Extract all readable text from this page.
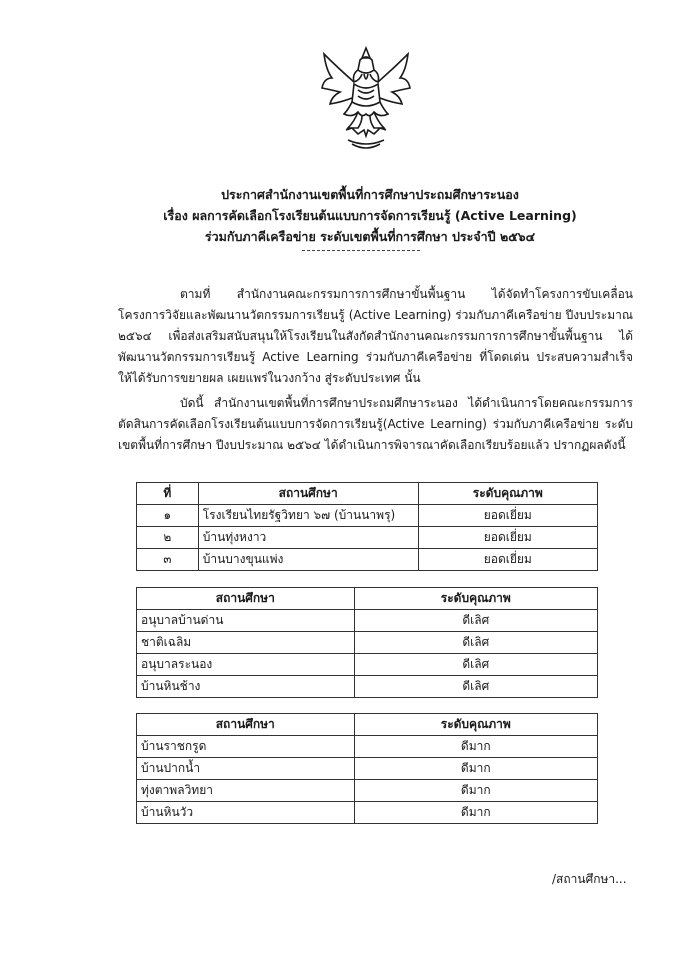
ประกาศสำนักงานเขตพื้นที่การศึกษาประถมศึกษาระนอง
เรื่อง ผลการคัดเลือกโรงเรียนต้นแบบการจัดการเรียนรู้ (Active Learning)
ร่วมกับภาคีเครือข่าย ระดับเขตพื้นที่การศึกษา ประจำปี ๒๕๖๔

ตามที่ สำนักงานคณะกรรมการการศึกษาขั้นพื้นฐาน ได้จัดทำโครงการขับเคลื่อนโครงการวิจัยและพัฒนานวัตกรรมการเรียนรู้ (Active Learning) ร่วมกับภาคีเครือข่าย ปีงบประมาณ ๒๕๖๔ เพื่อส่งเสริมสนับสนุนให้โรงเรียนในสังกัดสำนักงานคณะกรรมการการศึกษาขั้นพื้นฐาน ได้พัฒนานวัตกรรมการเรียนรู้ Active Learning ร่วมกับภาคีเครือข่าย ที่โดดเด่น ประสบความสำเร็จ ให้ได้รับการขยายผล เผยแพร่ในวงกว้าง สู่ระดับประเทศ นั้น

บัดนี้ สำนักงานเขตพื้นที่การศึกษาประถมศึกษาระนอง ได้ดำเนินการโดยคณะกรรมการตัดสินการคัดเลือกโรงเรียนต้นแบบการจัดการเรียนรู้(Active Learning) ร่วมกับภาคีเครือข่าย ระดับเขตพื้นที่การศึกษา ปีงบประมาณ ๒๕๖๔ ได้ดำเนินการพิจารณาคัดเลือกเรียบร้อยแล้ว ปรากฏผลดังนี้

ที่	สถานศึกษา	ระดับคุณภาพ
๑	โรงเรียนไทยรัฐวิทยา ๖๗ (บ้านนาพรุ)	ยอดเยี่ยม
๒	บ้านทุ่งหงาว	ยอดเยี่ยม
๓	บ้านบางขุนแพ่ง	ยอดเยี่ยม
สถานศึกษา	ระดับคุณภาพ
อนุบาลบ้านด่าน	ดีเลิศ
ชาติเฉลิม	ดีเลิศ
อนุบาลระนอง	ดีเลิศ
บ้านหินช้าง	ดีเลิศ
สถานศึกษา	ระดับคุณภาพ
บ้านราชกรูด	ดีมาก
บ้านปากน้ำ	ดีมาก
ทุ่งตาพลวิทยา	ดีมาก
บ้านหินวัว	ดีมาก
/สถานศึกษา...
